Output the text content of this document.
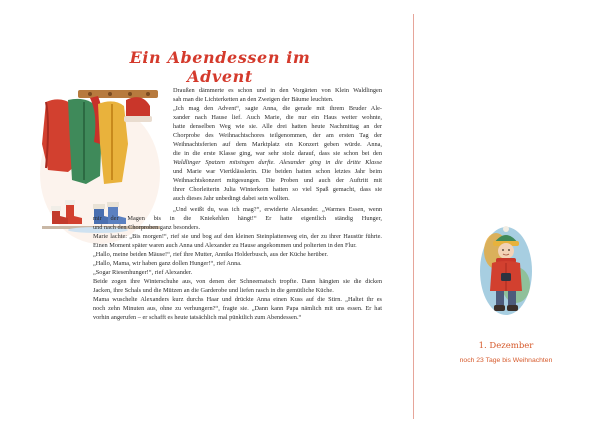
Ein Abendessen im Advent
Draußen dämmerte es schon und in den Vorgärten von Klein Waldlingen
sah man die Lichterketten an den Zweigen der Bäume leuchten.
„Ich mag den Advent“, sagte Anna, die gerade mit ihrem Bruder Ale-
xander nach Hause lief. Auch Marie, die nur ein Haus weiter wohnte,
hatte denselben Weg wie sie. Alle drei hatten heute Nachmittag an der
Chorprobe des Weihnachtschores teilgenommen, der am ersten Tag der
Weihnachtsferien auf dem Marktplatz ein Konzert geben würde. Anna,
die in die erste Klasse ging, war sehr stolz darauf, dass sie schon bei den
Waldlinger Spatzen mitsingen durfte. Alexander ging in die dritte Klasse
und Marie war Viertklässlerin. Die beiden hatten schon letztes Jahr beim
Weihnachtskonzert mitgesungen. Die Proben und auch der Auftritt mit
ihrer Chorleiterin Julia Winterkorn hatten so viel Spaß gemacht, dass sie
auch dieses Jahr unbedingt dabei sein wollten.
„Und weißt du, was ich mag?“, erwiderte Alexander. „Warmes Essen, wenn
mir der Magen bis in die Kniekehlen hängt!“ Er hatte eigentlich ständig Hunger,
und nach den Chorproben ganz besonders.
Marie lachte: „Bis morgen!“, rief sie und bog auf den kleinen Steinplattenweg ein, der zu ihrer Haustür führte.
Einen Moment später waren auch Anna und Alexander zu Hause angekommen und polterten in den Flur.
„Hallo, meine beiden Mäuse!“, rief ihre Mutter, Annika Holderbusch, aus der Küche herüber.
„Hallo, Mama, wir haben ganz dollen Hunger!“, rief Anna.
„Sogar Riesenhunger!“, rief Alexander.
Beide zogen ihre Winterschuhe aus, von denen der Schneematsch tropfte. Dann hängten sie die dicken
Jacken, ihre Schals und die Mützen an die Garderobe und liefen rasch in die gemütliche Küche.
Mama wuschelte Alexanders kurz durchs Haar und drückte Anna einen Kuss auf die Stirn. „Haltet ihr es
noch zehn Minuten aus, ohne zu verhungern?“, fragte sie. „Dann kann Papa nämlich mit uns essen. Er hat
vorhin angerufen – er schafft es heute tatsächlich mal pünktlich zum Abendessen.“
1. Dezember
noch 23 Tage bis Weihnachten
